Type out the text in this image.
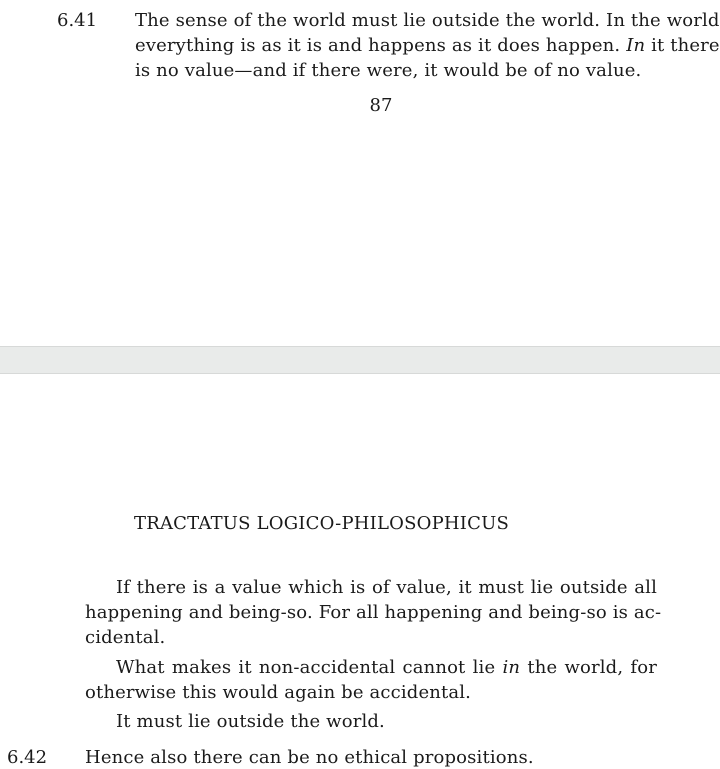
6.41 The sense of the world must lie outside the world. In the world
everything is as it is and happens as it does happen. In it there
is no value—and if there were, it would be of no value.
87
TRACTATUS LOGICO-PHILOSOPHICUS
If there is a value which is of value, it must lie outside all
happening and being-so. For all happening and being-so is ac-
cidental.
What makes it non-accidental cannot lie in the world, for
otherwise this would again be accidental.
It must lie outside the world.
6.42 Hence also there can be no ethical propositions.
